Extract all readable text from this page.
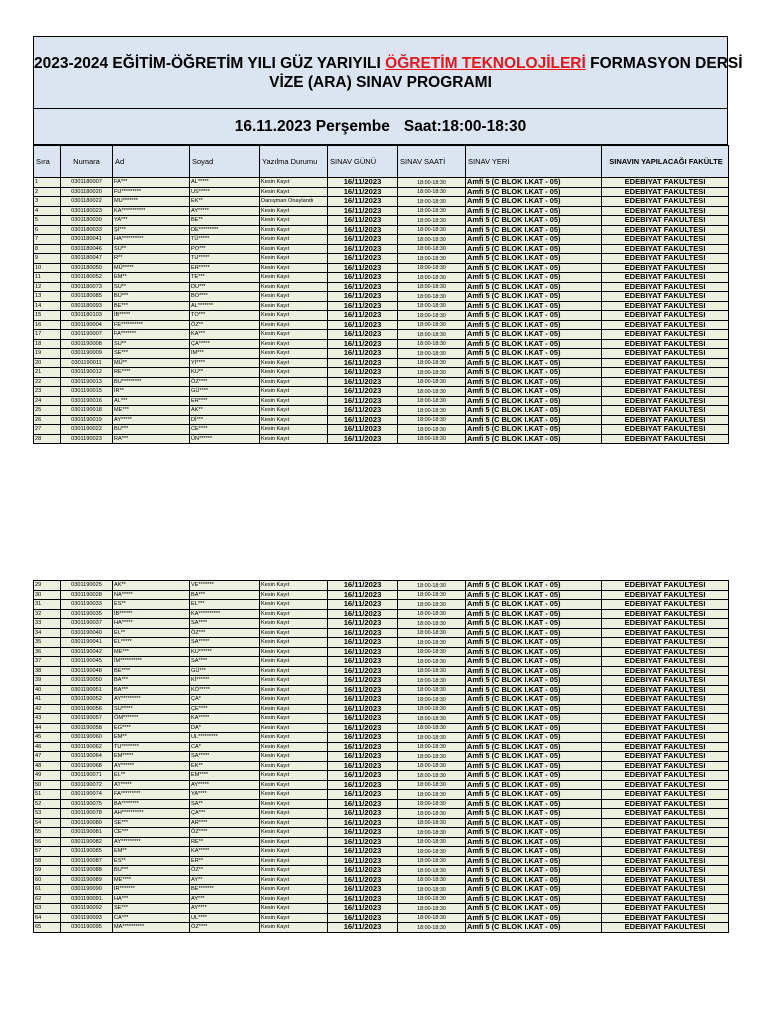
2023-2024 EĞİTİM-ÖĞRETİM YILI GÜZ YARIYILI ÖĞRETİM TEKNOLOJİLERİ FORMASYON DERSİ
VİZE (ARA) SINAV PROGRAMI
16.11.2023 Perşembe Saat:18:00-18:30
Sıra	Numara	Ad	Soyad	Yazılma Durumu	SINAV GÜNÜ	SINAV SAATİ	SINAV YERİ	SINAVIN YAPILACAĞI FAKÜLTE
1	0301180007	FA***	AL*****	Kesin Kayıt	16/11/2023	18:00-18:30	Amfi 5 (C BLOK I.KAT - 05)	EDEBIYAT FAKULTESI
2	0301180020	FU*********	US*****	Kesin Kayıt	16/11/2023	18:00-18:30	Amfi 5 (C BLOK I.KAT - 05)	EDEBIYAT FAKULTESI
3	0301180022	MU*******	EK**	Danışman Onaylandı	16/11/2023	18:00-18:30	Amfi 5 (C BLOK I.KAT - 05)	EDEBIYAT FAKULTESI
4	0301180023	KA***********	AY*****	Kesin Kayıt	16/11/2023	18:00-18:30	Amfi 5 (C BLOK I.KAT - 05)	EDEBIYAT FAKULTESI
5	0301180030	YA***	BE**	Kesin Kayıt	16/11/2023	18:00-18:30	Amfi 5 (C BLOK I.KAT - 05)	EDEBIYAT FAKULTESI
6	0301180033	Şİ***	DE*********	Kesin Kayıt	16/11/2023	18:00-18:30	Amfi 5 (C BLOK I.KAT - 05)	EDEBIYAT FAKULTESI
7	0301180041	HA**********	TÜ*****	Kesin Kayıt	16/11/2023	18:00-18:30	Amfi 5 (C BLOK I.KAT - 05)	EDEBIYAT FAKULTESI
8	0301180046	SU**	PO***	Kesin Kayıt	16/11/2023	18:00-18:30	Amfi 5 (C BLOK I.KAT - 05)	EDEBIYAT FAKULTESI
9	0301180047	R**	TU*****	Kesin Kayıt	16/11/2023	18:00-18:30	Amfi 5 (C BLOK I.KAT - 05)	EDEBIYAT FAKULTESI
10	0301180050	MÜ*****	ER*****	Kesin Kayıt	16/11/2023	18:00-18:30	Amfi 5 (C BLOK I.KAT - 05)	EDEBIYAT FAKULTESI
11	0301180052	EM**	TE***	Kesin Kayıt	16/11/2023	18:00-18:30	Amfi 5 (C BLOK I.KAT - 05)	EDEBIYAT FAKULTESI
12	0301180073	SU**	DU***	Kesin Kayıt	16/11/2023	18:00-18:30	Amfi 5 (C BLOK I.KAT - 05)	EDEBIYAT FAKULTESI
13	0301180085	BÜ***	BO****	Kesin Kayıt	16/11/2023	18:00-18:30	Amfi 5 (C BLOK I.KAT - 05)	EDEBIYAT FAKULTESI
14	0301180093	BE***	AL*******	Kesin Kayıt	16/11/2023	18:00-18:30	Amfi 5 (C BLOK I.KAT - 05)	EDEBIYAT FAKULTESI
15	0301180103	İB*****	TO***	Kesin Kayıt	16/11/2023	18:00-18:30	Amfi 5 (C BLOK I.KAT - 05)	EDEBIYAT FAKULTESI
16	0301190004	FE**********	ÖZ**	Kesin Kayıt	16/11/2023	18:00-18:30	Amfi 5 (C BLOK I.KAT - 05)	EDEBIYAT FAKULTESI
17	0301190007	FA*******	KA***	Kesin Kayıt	16/11/2023	18:00-18:30	Amfi 5 (C BLOK I.KAT - 05)	EDEBIYAT FAKULTESI
18	0301190008	SU**	ÇA*****	Kesin Kayıt	16/11/2023	18:00-18:30	Amfi 5 (C BLOK I.KAT - 05)	EDEBIYAT FAKULTESI
19	0301190009	SE***	IM***	Kesin Kayıt	16/11/2023	18:00-18:30	Amfi 5 (C BLOK I.KAT - 05)	EDEBIYAT FAKULTESI
20	0301190011	MÜ**	Yİ****	Kesin Kayıt	16/11/2023	18:00-18:30	Amfi 5 (C BLOK I.KAT - 05)	EDEBIYAT FAKULTESI
21	0301190012	RE****	KU**	Kesin Kayıt	16/11/2023	18:00-18:30	Amfi 5 (C BLOK I.KAT - 05)	EDEBIYAT FAKULTESI
22	0301190013	BU*********	ÖZ****	Kesin Kayıt	16/11/2023	18:00-18:30	Amfi 5 (C BLOK I.KAT - 05)	EDEBIYAT FAKULTESI
23	0301190015	İR**	GÜ****	Kesin Kayıt	16/11/2023	18:00-18:30	Amfi 5 (C BLOK I.KAT - 05)	EDEBIYAT FAKULTESI
24	0301190016	AL***	ER****	Kesin Kayıt	16/11/2023	18:00-18:30	Amfi 5 (C BLOK I.KAT - 05)	EDEBIYAT FAKULTESI
25	0301190018	ME***	AK**	Kesin Kayıt	16/11/2023	18:00-18:30	Amfi 5 (C BLOK I.KAT - 05)	EDEBIYAT FAKULTESI
26	0301190019	AY*****	Dİ***	Kesin Kayıt	16/11/2023	18:00-18:30	Amfi 5 (C BLOK I.KAT - 05)	EDEBIYAT FAKULTESI
27	0301190022	BU***	CE****	Kesin Kayıt	16/11/2023	18:00-18:30	Amfi 5 (C BLOK I.KAT - 05)	EDEBIYAT FAKULTESI
28	0301190023	RA***	ÜN******	Kesin Kayıt	16/11/2023	18:00-18:30	Amfi 5 (C BLOK I.KAT - 05)	EDEBIYAT FAKULTESI
29	0301190025	AK**	VE*******	Kesin Kayıt	16/11/2023	18:00-18:30	Amfi 5 (C BLOK I.KAT - 05)	EDEBIYAT FAKULTESI
30	0301190028	NA*****	BA***	Kesin Kayıt	16/11/2023	18:00-18:30	Amfi 5 (C BLOK I.KAT - 05)	EDEBIYAT FAKULTESI
31	0301190033	ES**	EL***	Kesin Kayıt	16/11/2023	18:00-18:30	Amfi 5 (C BLOK I.KAT - 05)	EDEBIYAT FAKULTESI
32	0301190035	İB******	KA**********	Kesin Kayıt	16/11/2023	18:00-18:30	Amfi 5 (C BLOK I.KAT - 05)	EDEBIYAT FAKULTESI
33	0301190037	HA*****	SA****	Kesin Kayıt	16/11/2023	18:00-18:30	Amfi 5 (C BLOK I.KAT - 05)	EDEBIYAT FAKULTESI
34	0301190040	EL**	ÖZ***	Kesin Kayıt	16/11/2023	18:00-18:30	Amfi 5 (C BLOK I.KAT - 05)	EDEBIYAT FAKULTESI
35	0301190041	EL*****	SA*****	Kesin Kayıt	16/11/2023	18:00-18:30	Amfi 5 (C BLOK I.KAT - 05)	EDEBIYAT FAKULTESI
36	0301190042	ME***	KU******	Kesin Kayıt	16/11/2023	18:00-18:30	Amfi 5 (C BLOK I.KAT - 05)	EDEBIYAT FAKULTESI
37	0301190045	İM**********	SA****	Kesin Kayıt	16/11/2023	18:00-18:30	Amfi 5 (C BLOK I.KAT - 05)	EDEBIYAT FAKULTESI
38	0301190048	BE****	GÜ***	Kesin Kayıt	16/11/2023	18:00-18:30	Amfi 5 (C BLOK I.KAT - 05)	EDEBIYAT FAKULTESI
39	0301190050	BA***	Kİ******	Kesin Kayıt	16/11/2023	18:00-18:30	Amfi 5 (C BLOK I.KAT - 05)	EDEBIYAT FAKULTESI
40	0301190051	BA***	KÖ*****	Kesin Kayıt	16/11/2023	18:00-18:30	Amfi 5 (C BLOK I.KAT - 05)	EDEBIYAT FAKULTESI
41	0301190052	AY*********	ÇA*	Kesin Kayıt	16/11/2023	18:00-18:30	Amfi 5 (C BLOK I.KAT - 05)	EDEBIYAT FAKULTESI
42	0301190056	SU*****	ÇE****	Kesin Kayıt	16/11/2023	18:00-18:30	Amfi 5 (C BLOK I.KAT - 05)	EDEBIYAT FAKULTESI
43	0301190057	ÖM*******	KA*****	Kesin Kayıt	16/11/2023	18:00-18:30	Amfi 5 (C BLOK I.KAT - 05)	EDEBIYAT FAKULTESI
44	0301190058	EG****	DA*	Kesin Kayıt	16/11/2023	18:00-18:30	Amfi 5 (C BLOK I.KAT - 05)	EDEBIYAT FAKULTESI
45	0301190060	EM**	UL*********	Kesin Kayıt	16/11/2023	18:00-18:30	Amfi 5 (C BLOK I.KAT - 05)	EDEBIYAT FAKULTESI
46	0301190062	TU********	CA*	Kesin Kayıt	16/11/2023	18:00-18:30	Amfi 5 (C BLOK I.KAT - 05)	EDEBIYAT FAKULTESI
47	0301190064	EM*****	SA*****	Kesin Kayıt	16/11/2023	18:00-18:30	Amfi 5 (C BLOK I.KAT - 05)	EDEBIYAT FAKULTESI
48	0301190068	AY******	EK**	Kesin Kayıt	16/11/2023	18:00-18:30	Amfi 5 (C BLOK I.KAT - 05)	EDEBIYAT FAKULTESI
49	0301190071	EL**	EM****	Kesin Kayıt	16/11/2023	18:00-18:30	Amfi 5 (C BLOK I.KAT - 05)	EDEBIYAT FAKULTESI
50	0301190072	AT*****	AY*****	Kesin Kayıt	16/11/2023	18:00-18:30	Amfi 5 (C BLOK I.KAT - 05)	EDEBIYAT FAKULTESI
51	0301190074	FA*********	YA****	Kesin Kayıt	16/11/2023	18:00-18:30	Amfi 5 (C BLOK I.KAT - 05)	EDEBIYAT FAKULTESI
52	0301190075	BA********	SA**	Kesin Kayıt	16/11/2023	18:00-18:30	Amfi 5 (C BLOK I.KAT - 05)	EDEBIYAT FAKULTESI
53	0301190078	AH**********	ÇA***	Kesin Kayıt	16/11/2023	18:00-18:30	Amfi 5 (C BLOK I.KAT - 05)	EDEBIYAT FAKULTESI
54	0301190080	SE***	AR****	Kesin Kayıt	16/11/2023	18:00-18:30	Amfi 5 (C BLOK I.KAT - 05)	EDEBIYAT FAKULTESI
55	0301190081	CE***	ÖZ****	Kesin Kayıt	16/11/2023	18:00-18:30	Amfi 5 (C BLOK I.KAT - 05)	EDEBIYAT FAKULTESI
56	0301190082	AY*********	RE**	Kesin Kayıt	16/11/2023	18:00-18:30	Amfi 5 (C BLOK I.KAT - 05)	EDEBIYAT FAKULTESI
57	0301190085	EM**	KA*****	Kesin Kayıt	16/11/2023	18:00-18:30	Amfi 5 (C BLOK I.KAT - 05)	EDEBIYAT FAKULTESI
58	0301190087	ES**	ER**	Kesin Kayıt	16/11/2023	18:00-18:30	Amfi 5 (C BLOK I.KAT - 05)	EDEBIYAT FAKULTESI
59	0301190088	BU***	ÖZ**	Kesin Kayıt	16/11/2023	18:00-18:30	Amfi 5 (C BLOK I.KAT - 05)	EDEBIYAT FAKULTESI
60	0301190089	ME****	AY**	Kesin Kayıt	16/11/2023	18:00-18:30	Amfi 5 (C BLOK I.KAT - 05)	EDEBIYAT FAKULTESI
61	0301190090	İR*******	BE*******	Kesin Kayıt	16/11/2023	18:00-18:30	Amfi 5 (C BLOK I.KAT - 05)	EDEBIYAT FAKULTESI
62	0301190091	HA***	AY***	Kesin Kayıt	16/11/2023	18:00-18:30	Amfi 5 (C BLOK I.KAT - 05)	EDEBIYAT FAKULTESI
63	0301190092	SE***	AY****	Kesin Kayıt	16/11/2023	18:00-18:30	Amfi 5 (C BLOK I.KAT - 05)	EDEBIYAT FAKULTESI
64	0301190093	CA***	UL****	Kesin Kayıt	16/11/2023	18:00-18:30	Amfi 5 (C BLOK I.KAT - 05)	EDEBIYAT FAKULTESI
65	0301190095	MA**********	ÖZ****	Kesin Kayıt	16/11/2023	18:00-18:30	Amfi 5 (C BLOK I.KAT - 05)	EDEBIYAT FAKULTESI
